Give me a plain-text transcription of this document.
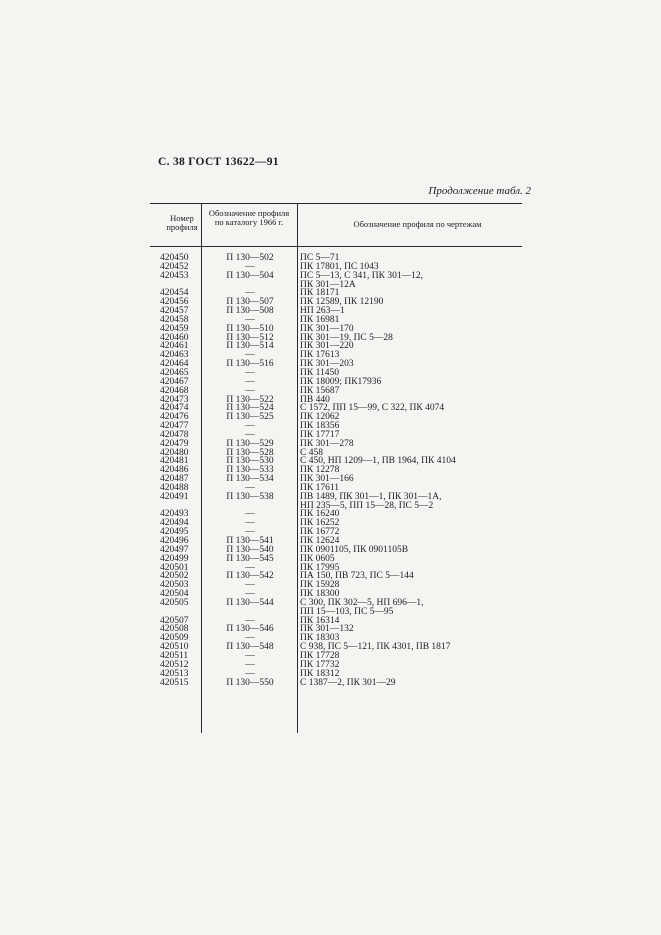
С. 38 ГОСТ 13622—91
Продолжение табл. 2
Номер профиля
Обозначение профиля по каталогу 1966 г.	Обозначение профиля по чертежам
420450	П 130—502	ПС 5—71
420452	—	ПК 17801, ПС 1043
420453	П 130—504	ПС 5—13, С 341, ПК 301—12,
ПК 301—12А
420454	—	ПК 18171
420456	П 130—507	ПК 12589, ПК 12190
420457	П 130—508	НП 263—1
420458	—	ПК 16981
420459	П 130—510	ПК 301—170
420460	П 130—512	ПК 301—19, ПС 5—28
420461	П 130—514	ПК 301—220
420463	—	ПК 17613
420464	П 130—516	ПК 301—203
420465	—	ПК 11450
420467	—	ПК 18009; ПК17936
420468	—	ПК 15687
420473	П 130—522	ПВ 440
420474	П 130—524	С 1572, ПП 15—99, С 322, ПК 4074
420476	П 130—525	ПК 12062
420477	—	ПК 18356
420478	—	ПК 17717
420479	П 130—529	ПК 301—278
420480	П 130—528	С 458
420481	П 130—530	С 450, НП 1209—1, ПВ 1964, ПК 4104
420486	П 130—533	ПК 12278
420487	П 130—534	ПК 301—166
420488	—	ПК 17611
420491	П 130—538	ПВ 1489, ПК 301—1, ПК 301—1А,
НП 235—5, ПП 15—28, ПС 5—2
420493	—	ПК 16240
420494	—	ПК 16252
420495	—	ПК 16772
420496	П 130—541	ПК 12624
420497	П 130—540	ПК 0901105, ПК 0901105В
420499	П 130—545	ПК 0605
420501	—	ПК 17995
420502	П 130—542	ПА 150, ПВ 723, ПС 5—144
420503	—	ПК 15928
420504	—	ПК 18300
420505	П 130—544	С 300, ПК 302—5, НП 696—1,
ПП 15—103, ПС 5—95
420507	—	ПК 16314
420508	П 130—546	ПК 301—132
420509	—	ПК 18303
420510	П 130—548	С 938, ПС 5—121, ПК 4301, ПВ 1817
420511	—	ПК 17728
420512	—	ПК 17732
420513	—	ПК 18312
420515	П 130—550	С 1387—2, ПК 301—29
